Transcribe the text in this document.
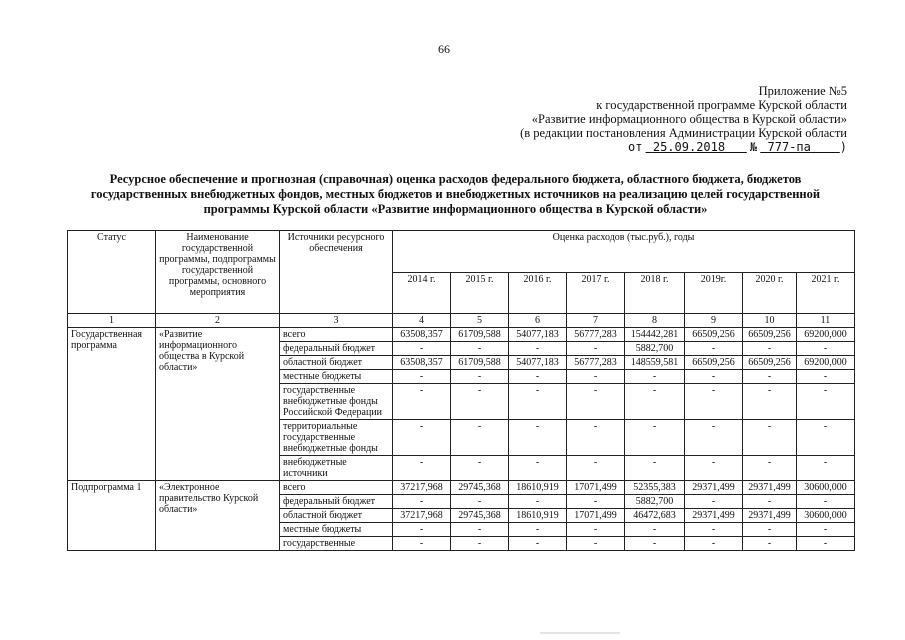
66
Приложение №5
к государственной программе Курской области
«Развитие информационного общества в Курской области»
(в редакции постановления Администрации Курской области
от 25.09.2018 № 777-па )
Ресурсное обеспечение и прогнозная (справочная) оценка расходов федерального бюджета, областного бюджета, бюджетов государственных внебюджетных фондов, местных бюджетов и внебюджетных источников на реализацию целей государственной программы Курской области «Развитие информационного общества в Курской области»
Статус	Наименование государственной программы, подпрограммы государственной программы, основного мероприятия	Источники ресурсного обеспечения	Оценка расходов (тыс.руб.), годы							
			2014 г.	2015 г.	2016 г.	2017 г.	2018 г.	2019г.	2020 г.	2021 г.
1	2	3	4	5	6	7	8	9	10	11
Государственная программа	«Развитие информационного общества в Курской области»	всего	63508,357	61709,588	54077,183	56777,283	154442,281	66509,256	66509,256	69200,000
		федеральный бюджет	-	-	-	-	5882,700	-	-	-
		областной бюджет	63508,357	61709,588	54077,183	56777,283	148559,581	66509,256	66509,256	69200,000
		местные бюджеты	-	-	-	-	-	-	-	-
		государственные внебюджетные фонды Российской Федерации	-	-	-	-	-	-	-	-
		территориальные государственные внебюджетные фонды	-	-	-	-	-	-	-	-
		внебюджетные источники	-	-	-	-	-	-	-	-
Подпрограмма 1	«Электронное правительство Курской области»	всего	37217,968	29745,368	18610,919	17071,499	52355,383	29371,499	29371,499	30600,000
		федеральный бюджет	-	-	-	-	5882,700	-	-	-
		областной бюджет	37217,968	29745,368	18610,919	17071,499	46472,683	29371,499	29371,499	30600,000
		местные бюджеты	-	-	-	-	-	-	-	-
		государственные	-	-	-	-	-	-	-	-
